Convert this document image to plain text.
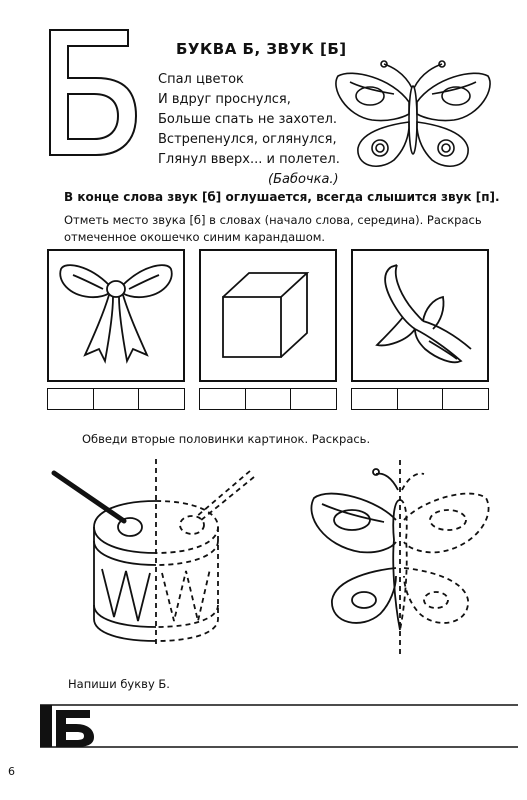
БУКВА Б, ЗВУК [Б]
Спал цветок
И вдруг проснулся,
Больше спать не захотел.
Встрепенулся, оглянулся,
Глянул вверх... и полетел.
(Бабочка.)
В конце слова звук [б] оглушается, всегда слышится звук [п].
Отметь место звука [б] в словах (начало слова, середина). Раскрась отмеченное окошечко синим карандашом.
Обведи вторые половинки картинок. Раскрась.
Напиши букву Б.
6
